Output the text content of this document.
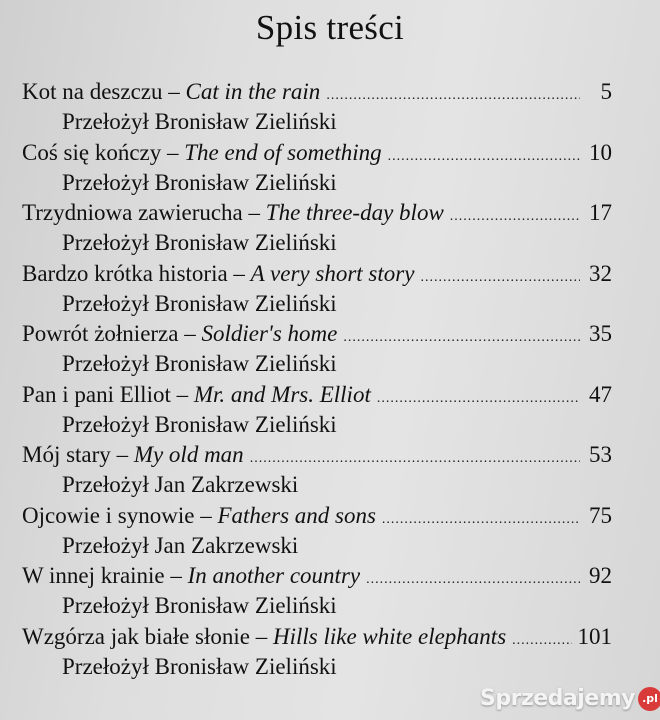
Spis treści
Kot na deszczu – Cat in the rain .....	5
Przełożył Bronisław Zieliński
Coś się kończy – The end of something .....	10
Przełożył Bronisław Zieliński
Trzydniowa zawierucha – The three-day blow .....	17
Przełożył Bronisław Zieliński
Bardzo krótka historia – A very short story .....	32
Przełożył Bronisław Zieliński
Powrót żołnierza – Soldier's home .....	35
Przełożył Bronisław Zieliński
Pan i pani Elliot – Mr. and Mrs. Elliot .....	47
Przełożył Bronisław Zieliński
Mój stary – My old man .....	53
Przełożył Jan Zakrzewski
Ojcowie i synowie – Fathers and sons .....	75
Przełożył Jan Zakrzewski
W innej krainie – In another country .....	92
Przełożył Bronisław Zieliński
Wzgórza jak białe słonie – Hills like white elephants .....	101
Przełożył Bronisław Zieliński
Sprzedajemy .pl
